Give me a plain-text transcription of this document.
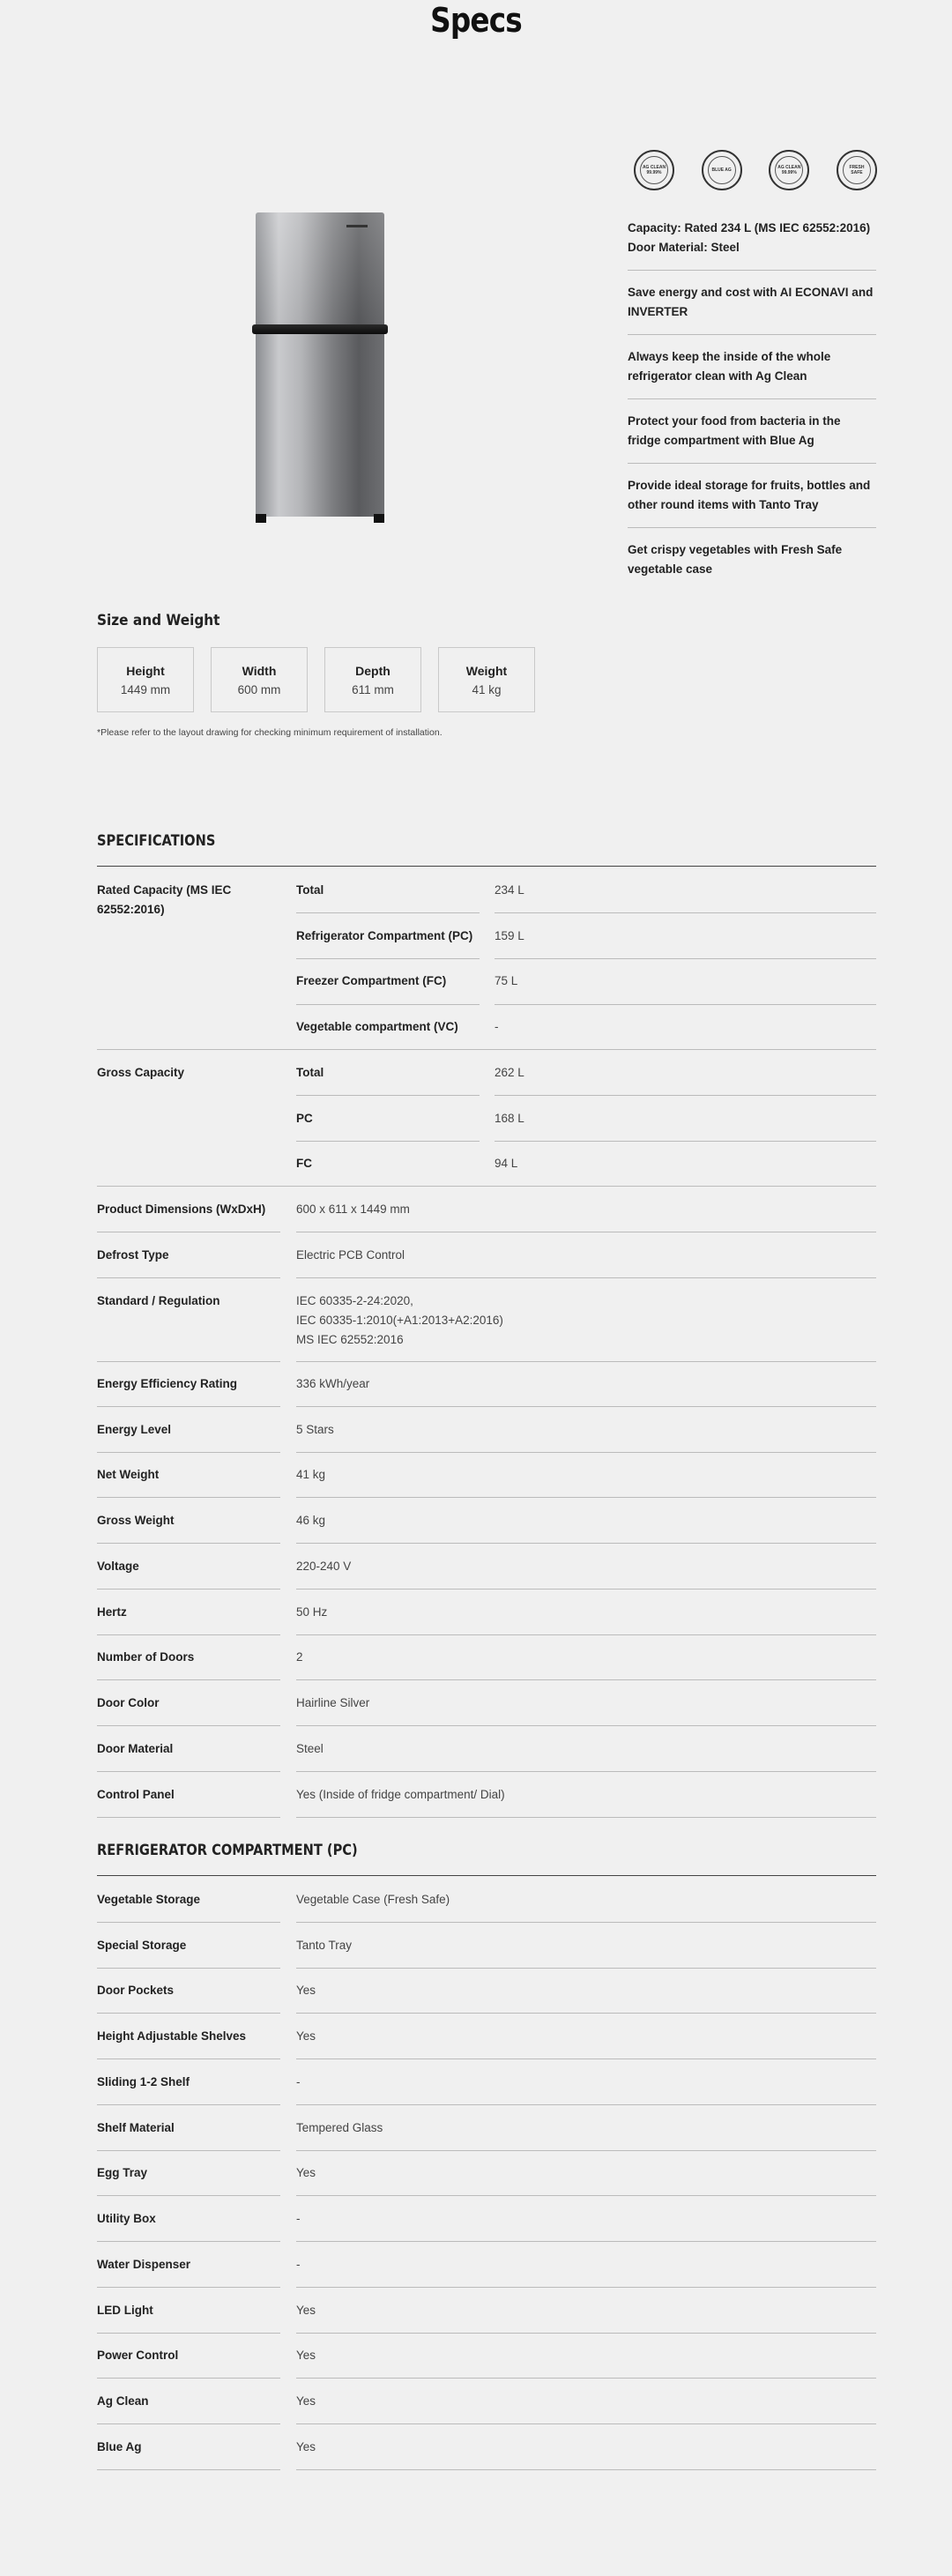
Specs
AG CLEAN 99.99%	BLUE AG	AG CLEAN 99.99%
FRESH SAFE
Capacity: Rated 234 L (MS IEC 62552:2016)
Door Material: Steel
Save energy and cost with AI ECONAVI and INVERTER
Always keep the inside of the whole refrigerator clean with Ag Clean
Protect your food from bacteria in the fridge compartment with Blue Ag
Provide ideal storage for fruits, bottles and other round items with Tanto Tray
Get crispy vegetables with Fresh Safe vegetable case
Size and Weight
Height
1449 mm
Width
600 mm
Depth
611 mm
Weight
41 kg
*Please refer to the layout drawing for checking minimum requirement of installation.
SPECIFICATIONS
Rated Capacity (MS IEC 62552:2016)
Total	234 L
Refrigerator Compartment (PC)	159 L
Freezer Compartment (FC)	75 L
Vegetable compartment (VC)	-
Gross Capacity	Total	262 L
PC	168 L
FC	94 L
Product Dimensions (WxDxH)	600 x 611 x 1449 mm
Defrost Type	Electric PCB Control
Standard / Regulation	IEC 60335-2-24:2020,
IEC 60335-1:2010(+A1:2013+A2:2016)
MS IEC 62552:2016
Energy Efficiency Rating	336 kWh/year
Energy Level	5 Stars
Net Weight	41 kg
Gross Weight	46 kg
Voltage	220-240 V
Hertz	50 Hz
Number of Doors	2
Door Color	Hairline Silver
Door Material	Steel
Control Panel	Yes (Inside of fridge compartment/ Dial)
REFRIGERATOR COMPARTMENT (PC)
Vegetable Storage	Vegetable Case (Fresh Safe)
Special Storage	Tanto Tray
Door Pockets	Yes
Height Adjustable Shelves	Yes
Sliding 1-2 Shelf	-
Shelf Material	Tempered Glass
Egg Tray	Yes
Utility Box	-
Water Dispenser	-
LED Light	Yes
Power Control	Yes
Ag Clean	Yes
Blue Ag	Yes
